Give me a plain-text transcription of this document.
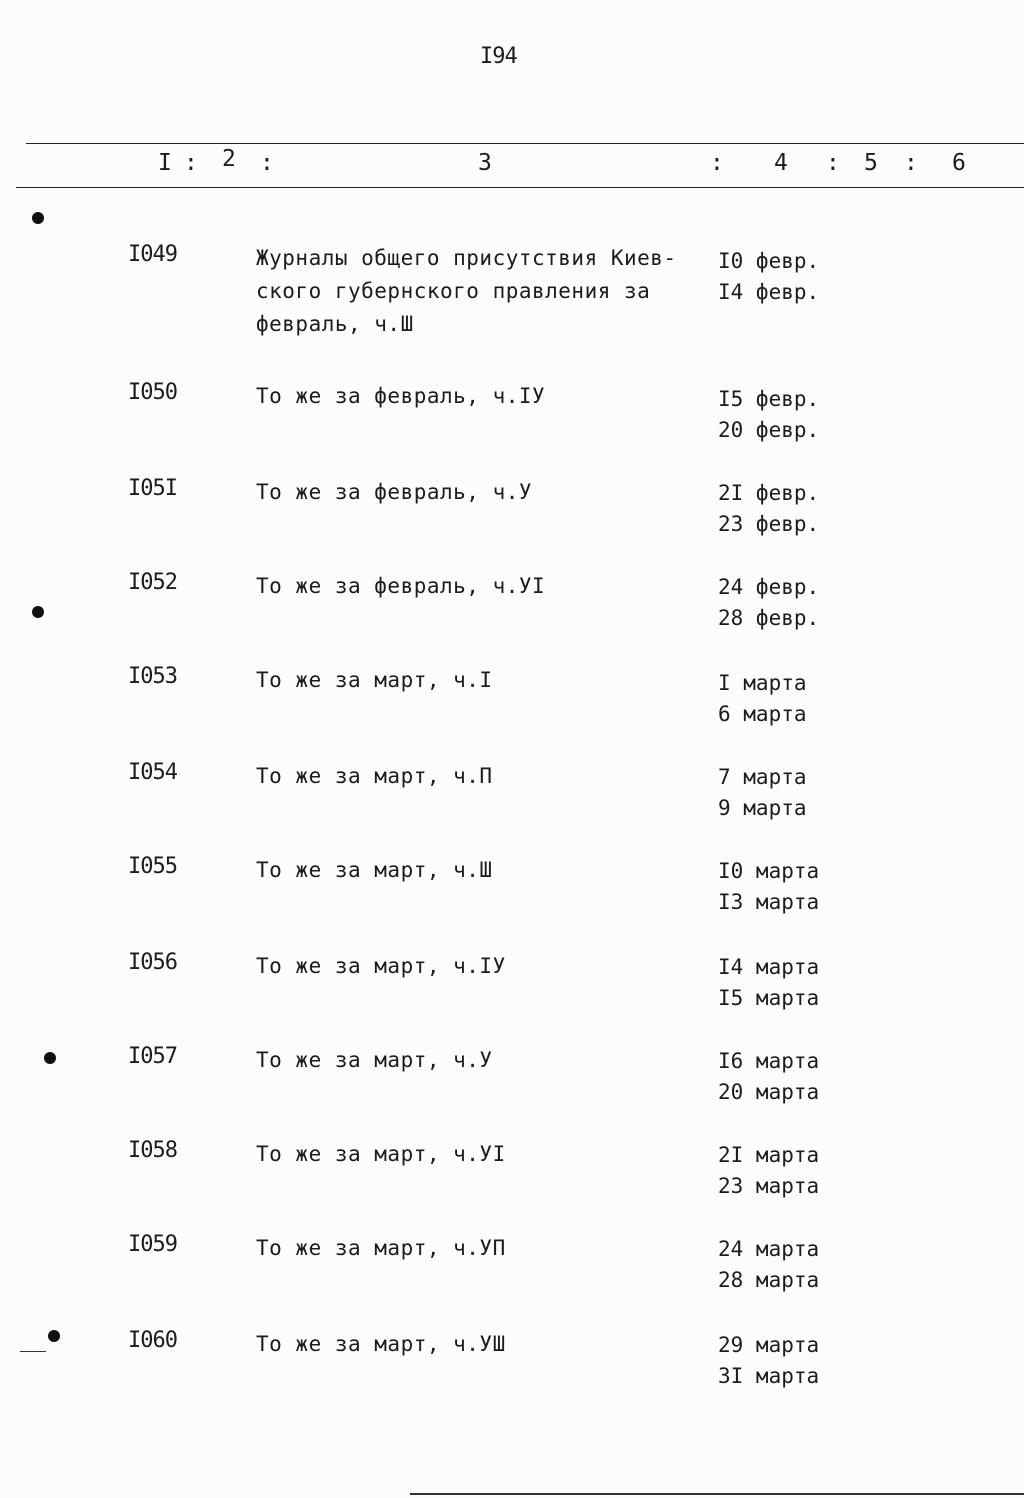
I94
I : 2 :	3	: 4 : 5 : 6
I049	Журналы общего присутствия Киев-
ского губернского правления за
февраль, ч.Ш
I0 февр.
I4 февр.
I050	То же за февраль, ч.IУ	I5 февр.
20 февр.
I05I	То же за февраль, ч.У	2I февр.
23 февр.
I052	То же за февраль, ч.УI	24 февр.
28 февр.
I053	То же за март, ч.I	I марта
6 марта
I054	То же за март, ч.П	7 марта
9 марта
I055	То же за март, ч.Ш	I0 марта
I3 марта
I056	То же за март, ч.IУ	I4 марта
I5 марта
I057	То же за март, ч.У	I6 марта
20 марта
I058	То же за март, ч.УI	2I марта
23 марта
I059	То же за март, ч.УП	24 марта
28 марта
I060	То же за март, ч.УШ	29 марта
3I марта
